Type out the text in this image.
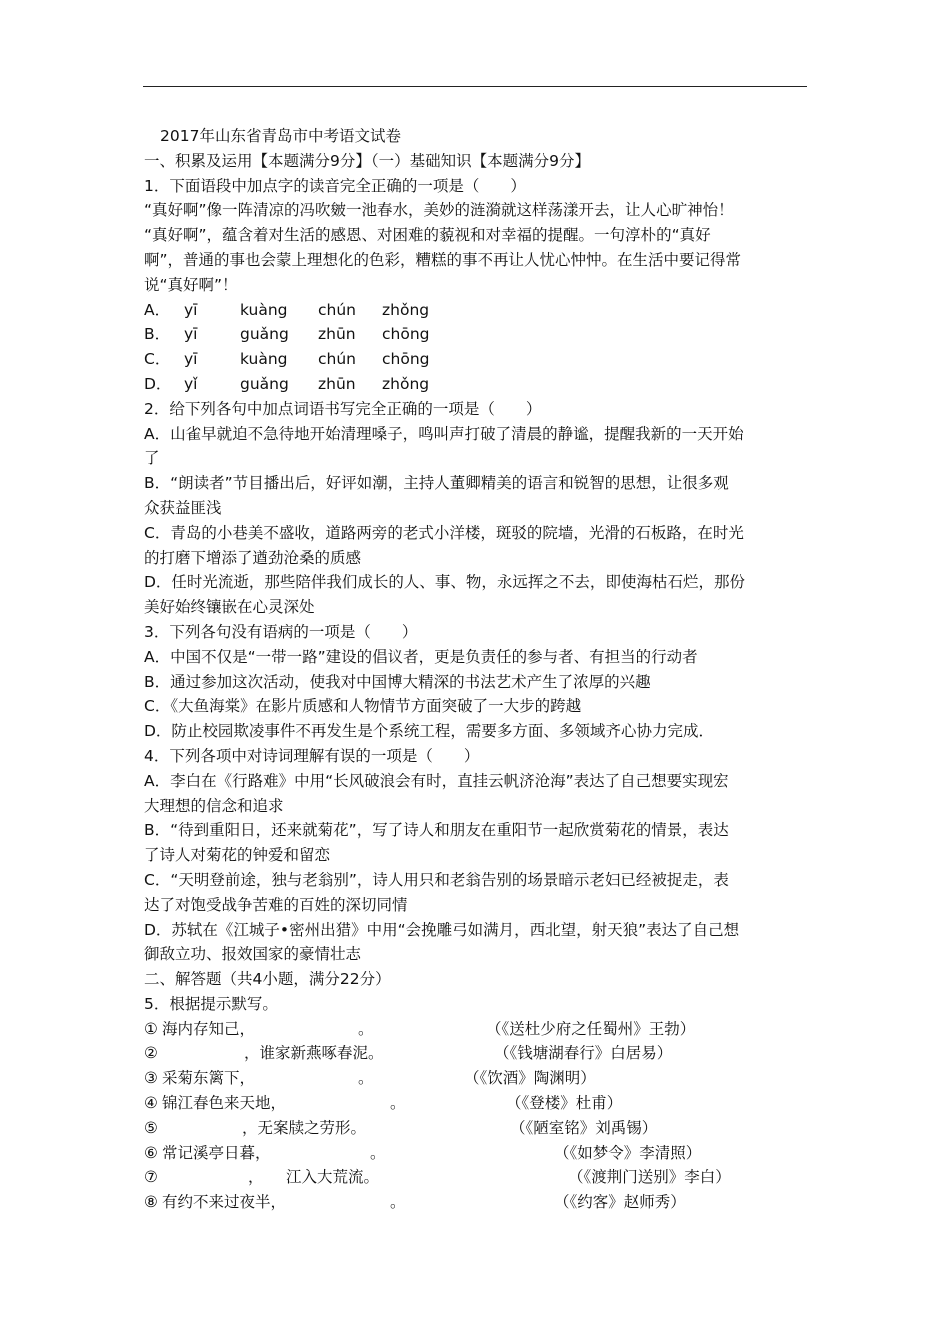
2017年山东省青岛市中考语文试卷
一、积累及运用【本题满分9分】（一）基础知识【本题满分9分】
1．下面语段中加点字的读音完全正确的一项是（　　）
“真好啊”像一阵清凉的冯吹皴一池春水，美妙的涟漪就这样荡漾开去，让人心旷神怡！
“真好啊”，蕴含着对生活的感恩、对困难的藐视和对幸福的提醒。一句淳朴的“真好
啊”，普通的事也会蒙上理想化的色彩，糟糕的事不再让人忧心忡忡。在生活中要记得常
说“真好啊”！
A． yī	kuàng chún zhǒng
B． yī	guǎng zhūn chōng
C． yī	kuàng chún chōng
D． yǐ	guǎng zhūn zhǒng
2．给下列各句中加点词语书写完全正确的一项是（　　）
A．山雀早就迫不急待地开始清理嗓子，鸣叫声打破了清晨的静谧，提醒我新的一天开始
了
B．“朗读者”节目播出后，好评如潮，主持人董卿精美的语言和锐智的思想，让很多观
众获益匪浅
C．青岛的小巷美不盛收，道路两旁的老式小洋楼，斑驳的院墙，光滑的石板路，在时光
的打磨下增添了遒劲沧桑的质感
D．任时光流逝，那些陪伴我们成长的人、事、物，永远挥之不去，即使海枯石烂，那份
美好始终镶嵌在心灵深处
3．下列各句没有语病的一项是（　　）
A．中国不仅是“一带一路”建设的倡议者，更是负责任的参与者、有担当的行动者
B．通过参加这次活动，使我对中国博大精深的书法艺术产生了浓厚的兴趣
C．《大鱼海棠》在影片质感和人物情节方面突破了一大步的跨越
D．防止校园欺凌事件不再发生是个系统工程，需要多方面、多领域齐心协力完成．
4．下列各项中对诗词理解有误的一项是（　　）
A．李白在《行路难》中用“长风破浪会有时，直挂云帆济沧海”表达了自己想要实现宏
大理想的信念和追求
B．“待到重阳日，还来就菊花”，写了诗人和朋友在重阳节一起欣赏菊花的情景，表达
了诗人对菊花的钟爱和留恋
C．“天明登前途，独与老翁别”，诗人用只和老翁告别的场景暗示老妇已经被捉走，表
达了对饱受战争苦难的百姓的深切同情
D．苏轼在《江城子•密州出猎》中用“会挽雕弓如满月，西北望，射天狼”表达了自己想
御敌立功、报效国家的豪情壮志
二、解答题（共4小题，满分22分）
5．根据提示默写。
① 海内存知己，	。	（《送杜少府之任蜀州》王勃）
②	，谁家新燕啄春泥。	（《钱塘湖春行》白居易）
③ 采菊东篱下，	。	（《饮酒》陶渊明）
④ 锦江春色来天地，	。	（《登楼》杜甫）
⑤	，无案牍之劳形。	（《陋室铭》刘禹锡）
⑥ 常记溪亭日暮，	。	（《如梦令》李清照）
⑦	， 江入大荒流。	（《渡荆门送别》李白）
⑧ 有约不来过夜半，	。	（《约客》赵师秀）
